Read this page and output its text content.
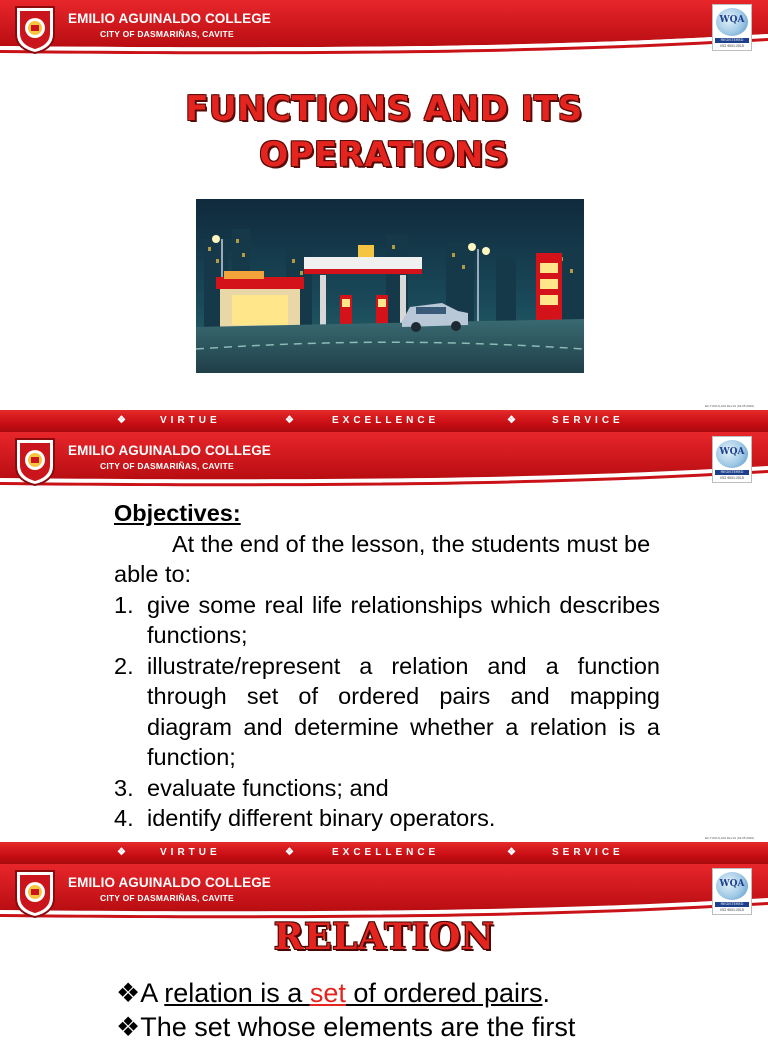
EMILIO AGUINALDO COLLEGE
CITY OF DASMARIÑAS, CAVITE
WQA
REGISTERED
ISO 9001:2015
FUNCTIONS AND ITS
OPERATIONS
EF-TOOLS-001 Rev.01 (03.05.2020)
❖	VIRTUE	❖	EXCELLENCE	❖	SERVICE
EMILIO AGUINALDO COLLEGE
CITY OF DASMARIÑAS, CAVITE
WQA
REGISTERED
ISO 9001:2015
Objectives:
At the end of the lesson, the students must be able to:
1. give some real life relationships which describes functions;
2. illustrate/represent a relation and a function through set of ordered pairs and mapping diagram and determine whether a relation is a function;
3. evaluate functions; and
4. identify different binary operators.
EF-TOOLS-001 Rev.01 (03.05.2020)
❖	VIRTUE	❖	EXCELLENCE	❖	SERVICE
EMILIO AGUINALDO COLLEGE
CITY OF DASMARIÑAS, CAVITE
WQA
REGISTERED
ISO 9001:2015
RELATION
❖A relation is a set of ordered pairs.
❖The set whose elements are the first
